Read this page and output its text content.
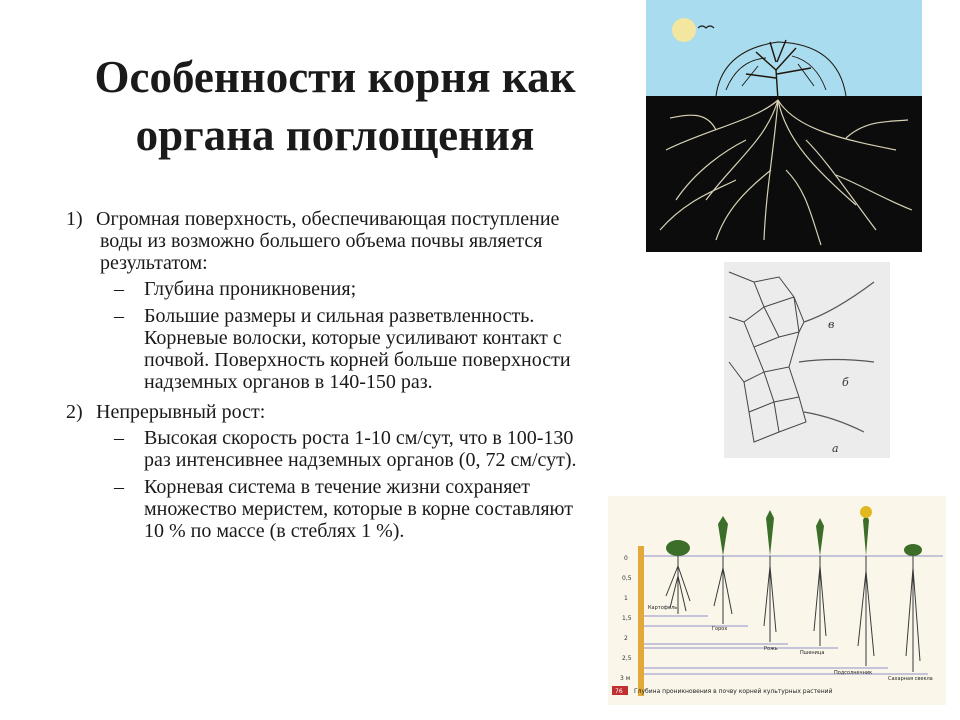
Особенности корня как органа поглощения

1) Огромная поверхность, обеспечивающая поступление воды из возможно большего объема почвы является результатом:

– Глубина проникновения;

– Большие размеры и сильная разветвленность. Корневые волоски, которые усиливают контакт с почвой. Поверхность корней больше поверхности надземных органов в 140-150 раз.

2) Непрерывный рост:

– Высокая скорость роста 1-10 см/сут, что в 100-130 раз интенсивнее надземных органов (0, 72 см/сут).

– Корневая система в течение жизни сохраняет множество меристем, которые в корне составляют 10 % по массе (в стеблях 1 %).

в
б
а
0
0,5
1
1,5
2
2,5
3 м
Картофель
Горох
Рожь
Пшеница
Подсолнечник
Сахарная свекла
76 Глубина проникновения в почву корней культурных растений
